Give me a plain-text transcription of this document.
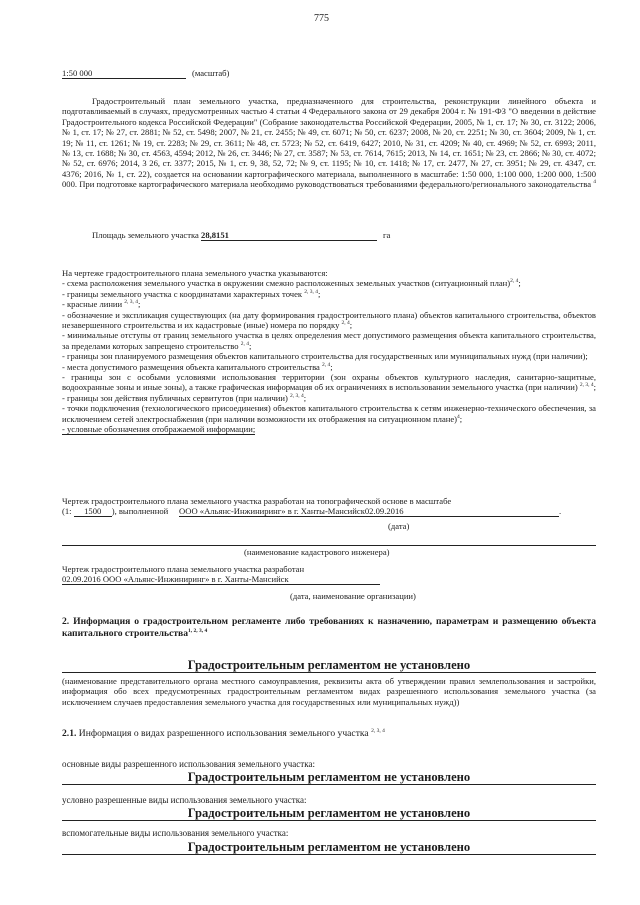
775
1:50 000	(масштаб)
Градостроительный план земельного участка, предназначенного для строительства, реконструкции линейного объекта и подготавливаемый в случаях, предусмотренных частью 4 статьи 4 Федерального закона от 29 декабря 2004 г. № 191-ФЗ "О введении в действие Градостроительного кодекса Российской Федерации" (Собрание законодательства Российской Федерации, 2005, № 1, ст. 17; № 30, ст. 3122; 2006, № 1, ст. 17; № 27, ст. 2881; № 52, ст. 5498; 2007, № 21, ст. 2455; № 49, ст. 6071; № 50, ст. 6237; 2008, № 20, ст. 2251; № 30, ст. 3604; 2009, № 1, ст. 19; № 11, ст. 1261; № 19, ст. 2283; № 29, ст. 3611; № 48, ст. 5723; № 52, ст. 6419, 6427; 2010, № 31, ст. 4209; № 40, ст. 4969; № 52, ст. 6993; 2011, № 13, ст. 1688; № 30, ст. 4563, 4594; 2012, № 26, ст. 3446; № 27, ст. 3587; № 53, ст. 7614, 7615; 2013, № 14, ст. 1651; № 23, ст. 2866; № 30, ст. 4072; № 52, ст. 6976; 2014, 3 26, ст. 3377; 2015, № 1, ст. 9, 38, 52, 72; № 9, ст. 1195; № 10, ст. 1418; № 17, ст. 2477, № 27, ст. 3951; № 29, ст. 4347, ст. 4376; 2016, № 1, ст. 22), создается на основании картографического материала, выполненного в масштабе: 1:50 000, 1:100 000, 1:200 000, 1:500 000. При подготовке картографического материала необходимо руководствоваться требованиями федерального/регионального законодательства $^4$
Площадь земельного участка 28,8151	га

На чертеже градостроительного плана земельного участка указываются:

- схема расположения земельного участка в окружении смежно расположенных земельных участков (ситуационный план)$^{2, 4}$;

- границы земельного участка с координатами характерных точек $^{2, 3, 4}$;

- красные линии $^{2, 3, 4}$;

- обозначение и экспликация существующих (на дату формирования градостроительного плана) объектов капитального строительства, объектов незавершенного строительства и их кадастровые (иные) номера по порядку $^{2, 4}$;

- минимальные отступы от границ земельного участка в целях определения мест допустимого размещения объекта капитального строительства, за пределами которых запрещено строительство $^{2, 4}$;

- границы зон планируемого размещения объектов капитального строительства для государственных или муниципальных нужд (при наличии);

- места допустимого размещения объекта капитального строительства $^{2, 4}$;

- границы зон с особыми условиями использования территории (зон охраны объектов культурного наследия, санитарно-защитные, водоохранные зоны и иные зоны), а также графическая информация об их ограничениях в использовании земельного участка (при наличии) $^{2, 3, 4}$;

- границы зон действия публичных сервитутов (при наличии) $^{2, 3, 4}$;

- точки подключения (технологического присоединения) объектов капитального строительства к сетям инженерно-технического обеспечения, за исключением сетей электроснабжения (при наличии возможности их отображения на ситуационном плане)$^4$;

- условные обозначения отображаемой информации;

Чертеж градостроительного плана земельного участка разработан на топографической основе в масштабе

(1: 1500 ), выполненной ООО «Альянс-Инжиниринг» в г. Ханты-Мансийск02.09.2016	.

(дата)
(наименование кадастрового инженера)

Чертеж градостроительного плана земельного участка разработан

02.09.2016 ООО «Альянс-Инжиниринг» в г. Ханты-Мансийск

(дата, наименование организации)

2. Информация о градостроительном регламенте либо требованиях к назначению, параметрам и размещению объекта капитального строительства$^{1, 2, 3, 4}$

Градостроительным регламентом не установлено
(наименование представительного органа местного самоуправления, реквизиты акта об утверждении правил землепользования и застройки, информация обо всех предусмотренных градостроительным регламентом видах разрешенного использования земельного участка (за исключением случаев предоставления земельного участка для государственных или муниципальных нужд))
2.1. Информация о видах разрешенного использования земельного участка $^{2, 3, 4}$
основные виды разрешенного использования земельного участка:
Градостроительным регламентом не установлено
условно разрешенные виды использования земельного участка:
Градостроительным регламентом не установлено
вспомогательные виды использования земельного участка:
Градостроительным регламентом не установлено
